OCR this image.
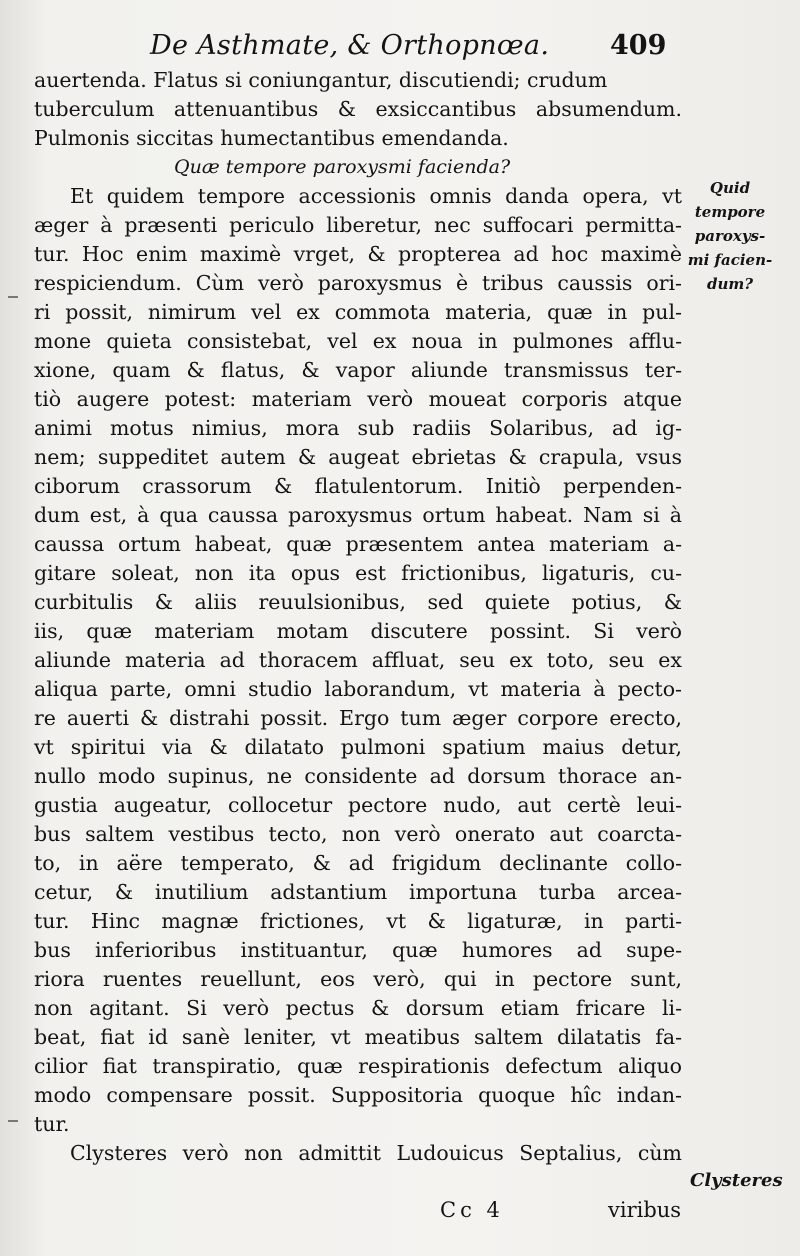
De Asthmate, & Orthopnœa. 409
auertenda. Flatus si coniungantur, discutiendi; crudum
tuberculum attenuantibus & exsiccantibus absumendum.
Pulmonis siccitas humectantibus emendanda.
Quæ tempore paroxysmi facienda?
Et quidem tempore accessionis omnis danda opera, vt
æger à præsenti periculo liberetur, nec suffocari permitta-
tur. Hoc enim maximè vrget, & propterea ad hoc maximè
respiciendum. Cùm verò paroxysmus è tribus caussis ori-
ri possit, nimirum vel ex commota materia, quæ in pul-
mone quieta consistebat, vel ex noua in pulmones afflu-
xione, quam & flatus, & vapor aliunde transmissus ter-
tiò augere potest: materiam verò moueat corporis atque
animi motus nimius, mora sub radiis Solaribus, ad ig-
nem; suppeditet autem & augeat ebrietas & crapula, vsus
ciborum crassorum & flatulentorum. Initiò perpenden-
dum est, à qua caussa paroxysmus ortum habeat. Nam si à
caussa ortum habeat, quæ præsentem antea materiam a-
gitare soleat, non ita opus est frictionibus, ligaturis, cu-
curbitulis & aliis reuulsionibus, sed quiete potius, &
iis, quæ materiam motam discutere possint. Si verò
aliunde materia ad thoracem affluat, seu ex toto, seu ex
aliqua parte, omni studio laborandum, vt materia à pecto-
re auerti & distrahi possit. Ergo tum æger corpore erecto,
vt spiritui via & dilatato pulmoni spatium maius detur,
nullo modo supinus, ne considente ad dorsum thorace an-
gustia augeatur, collocetur pectore nudo, aut certè leui-
bus saltem vestibus tecto, non verò onerato aut coarcta-
to, in aëre temperato, & ad frigidum declinante collo-
cetur, & inutilium adstantium importuna turba arcea-
tur. Hinc magnæ frictiones, vt & ligaturæ, in parti-
bus inferioribus instituantur, quæ humores ad supe-
riora ruentes reuellunt, eos verò, qui in pectore sunt,
non agitant. Si verò pectus & dorsum etiam fricare li-
beat, fiat id sanè leniter, vt meatibus saltem dilatatis fa-
cilior fiat transpiratio, quæ respirationis defectum aliquo
modo compensare possit. Suppositoria quoque hîc indan-
tur.
Clysteres verò non admittit Ludouicus Septalius, cùm
Quid
tempore
paroxys-
mi facien-
dum?
Clysteres
Cc 4	viribus
